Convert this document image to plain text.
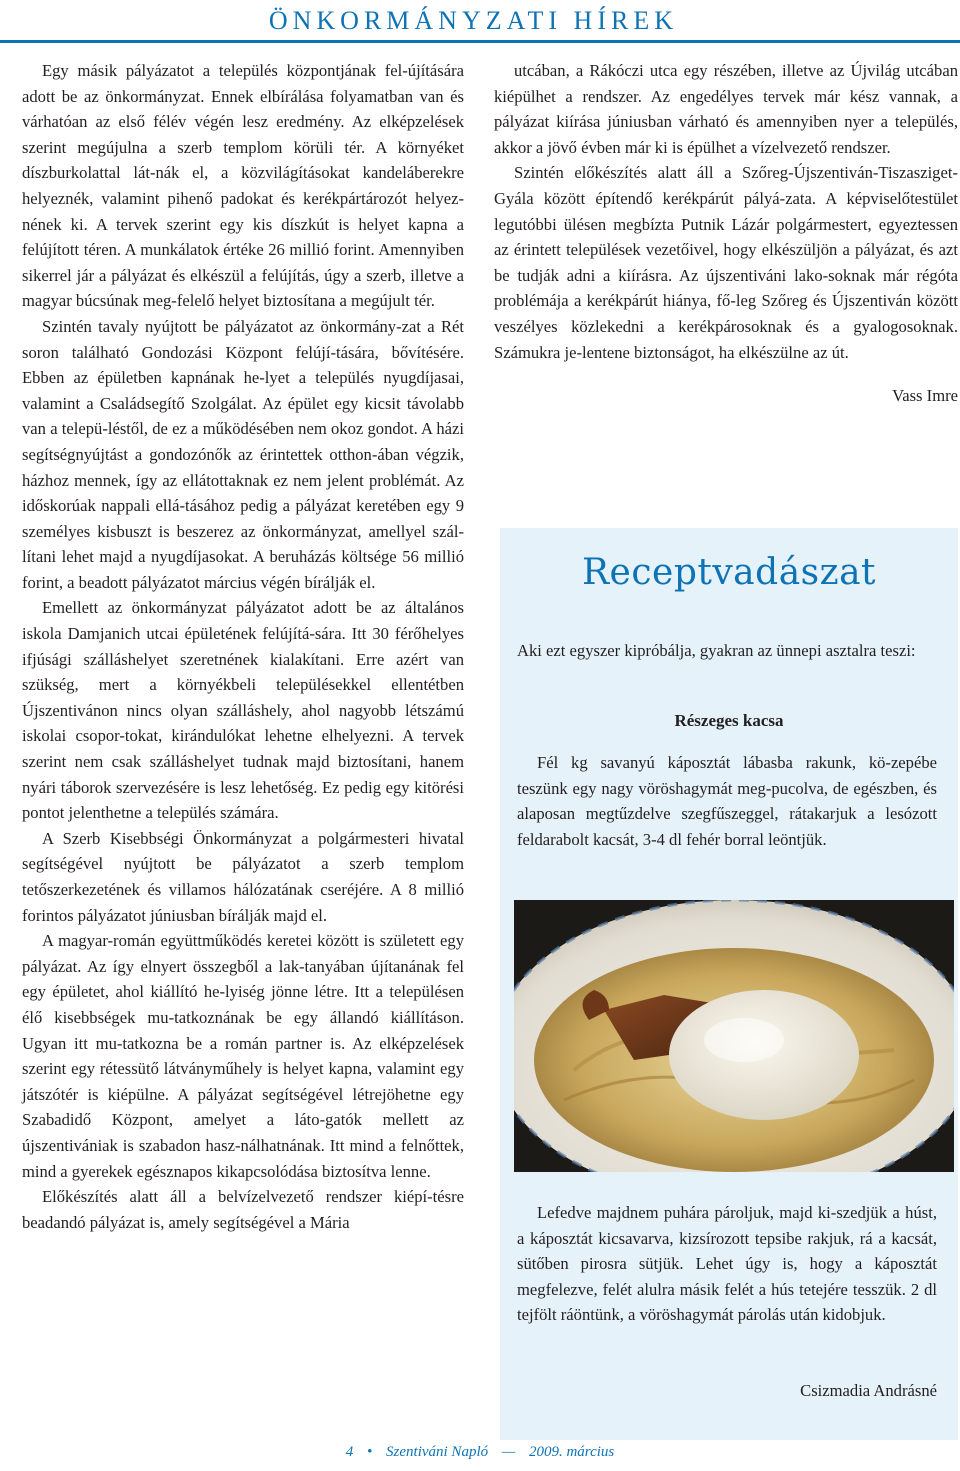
ÖNKORMÁNYZATI HÍREK

Egy másik pályázatot a település központjának fel-újítására adott be az önkormányzat. Ennek elbírálása folyamatban van és várhatóan az első félév végén lesz eredmény. Az elképzelések szerint megújulna a szerb templom körüli tér. A környéket díszburkolattal lát-nák el, a közvilágításokat kandeláberekre helyeznék, valamint pihenő padokat és kerékpártározót helyez-nének ki. A tervek szerint egy kis díszkút is helyet kapna a felújított téren. A munkálatok értéke 26 millió forint. Amennyiben sikerrel jár a pályázat és elkészül a felújítás, úgy a szerb, illetve a magyar búcsúnak meg-felelő helyet biztosítana a megújult tér.

Szintén tavaly nyújtott be pályázatot az önkormány-zat a Rét soron található Gondozási Központ felújí-tására, bővítésére. Ebben az épületben kapnának he-lyet a település nyugdíjasai, valamint a Családsegítő Szolgálat. Az épület egy kicsit távolabb van a telepü-léstől, de ez a működésében nem okoz gondot. A házi segítségnyújtást a gondozónők az érintettek otthon-ában végzik, házhoz mennek, így az ellátottaknak ez nem jelent problémát. Az időskorúak nappali ellá-tásához pedig a pályázat keretében egy 9 személyes kisbuszt is beszerez az önkormányzat, amellyel szál-lítani lehet majd a nyugdíjasokat. A beruházás költsége 56 millió forint, a beadott pályázatot március végén bírálják el.

Emellett az önkormányzat pályázatot adott be az általános iskola Damjanich utcai épületének felújítá-sára. Itt 30 férőhelyes ifjúsági szálláshelyet szeretnének kialakítani. Erre azért van szükség, mert a környékbeli településekkel ellentétben Újszentivánon nincs olyan szálláshely, ahol nagyobb létszámú iskolai csopor-tokat, kirándulókat lehetne elhelyezni. A tervek szerint nem csak szálláshelyet tudnak majd biztosítani, hanem nyári táborok szervezésére is lesz lehetőség. Ez pedig egy kitörési pontot jelenthetne a település számára.

A Szerb Kisebbségi Önkormányzat a polgármesteri hivatal segítségével nyújtott be pályázatot a szerb templom tetőszerkezetének és villamos hálózatának cseréjére. A 8 millió forintos pályázatot júniusban bírálják majd el.

A magyar-román együttműködés keretei között is született egy pályázat. Az így elnyert összegből a lak-tanyában újítanának fel egy épületet, ahol kiállító he-lyiség jönne létre. Itt a településen élő kisebbségek mu-tatkoznának be egy állandó kiállításon. Ugyan itt mu-tatkozna be a román partner is. Az elképzelések szerint egy rétessütő látványműhely is helyet kapna, valamint egy játszótér is kiépülne. A pályázat segítségével létrejöhetne egy Szabadidő Központ, amelyet a láto-gatók mellett az újszentivániak is szabadon hasz-nálhatnának. Itt mind a felnőttek, mind a gyerekek egésznapos kikapcsolódása biztosítva lenne.

Előkészítés alatt áll a belvízelvezető rendszer kiépí-tésre beadandó pályázat is, amely segítségével a Mária

utcában, a Rákóczi utca egy részében, illetve az Újvilág utcában kiépülhet a rendszer. Az engedélyes tervek már kész vannak, a pályázat kiírása júniusban várható és amennyiben nyer a település, akkor a jövő évben már ki is épülhet a vízelvezető rendszer.

Szintén előkészítés alatt áll a Szőreg-Újszentiván-Tiszasziget-Gyála között építendő kerékpárút pályá-zata. A képviselőtestület legutóbbi ülésen megbízta Putnik Lázár polgármestert, egyeztessen az érintett települések vezetőivel, hogy elkészüljön a pályázat, és azt be tudják adni a kiírásra. Az újszentiváni lako-soknak már régóta problémája a kerékpárút hiánya, fő-leg Szőreg és Újszentiván között veszélyes közlekedni a kerékpárosoknak és a gyalogosoknak. Számukra je-lentene biztonságot, ha elkészülne az út.

Vass Imre

Receptvadászat
Aki ezt egyszer kipróbálja, gyakran az ünnepi asztalra teszi:
Részeges kacsa
Fél kg savanyú káposztát lábasba rakunk, kö-zepébe teszünk egy nagy vöröshagymát meg-pucolva, de egészben, és alaposan megtűzdelve szegfűszeggel, rátakarjuk a lesózott feldarabolt kacsát, 3-4 dl fehér borral leöntjük.
Lefedve majdnem puhára pároljuk, majd ki-szedjük a húst, a káposztát kicsavarva, kizsírozott tepsibe rakjuk, rá a kacsát, sütőben pirosra sütjük. Lehet úgy is, hogy a káposztát megfelezve, felét alulra másik felét a hús tetejére tesszük. 2 dl tejfölt ráöntünk, a vöröshagymát párolás után kidobjuk.
Csizmadia Andrásné
4 • Szentiváni Napló — 2009. március
